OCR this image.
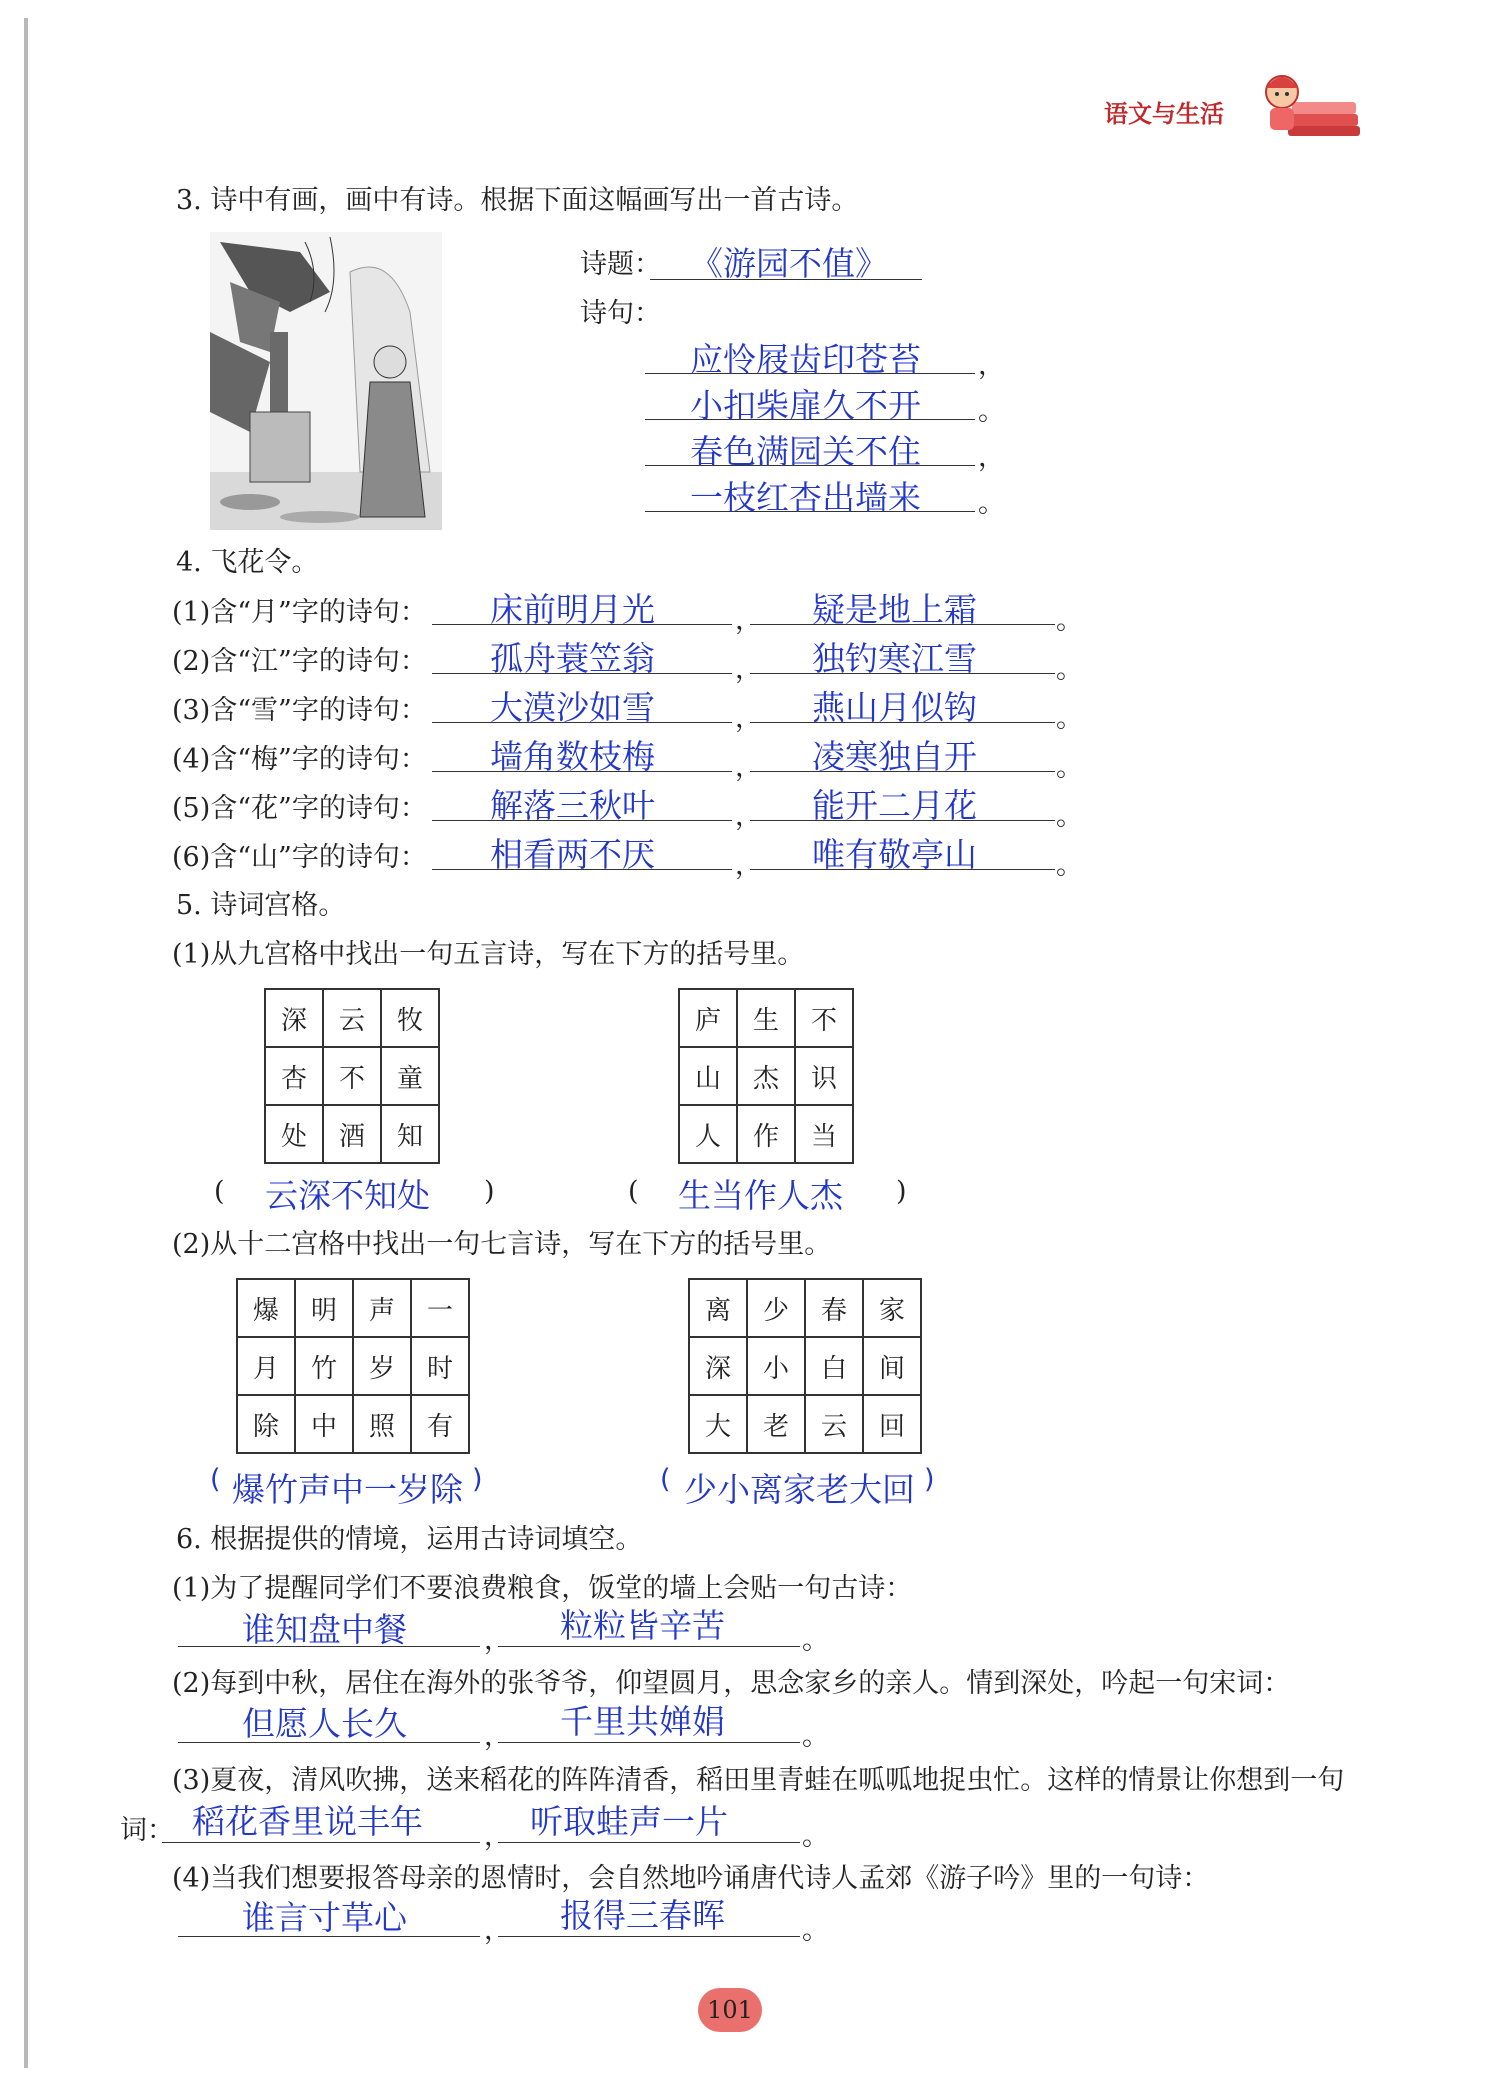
语文与生活
3. 诗中有画，画中有诗。根据下面这幅画写出一首古诗。
诗题： 《游园不值》
诗句：
应怜屐齿印苍苔 ，
小扣柴扉久不开 。
春色满园关不住 ，
一枝红杏出墙来 。
4. 飞花令。
(1)含“月”字的诗句： 床前明月光	， 疑是地上霜	。
(2)含“江”字的诗句： 孤舟蓑笠翁	， 独钓寒江雪	。
(3)含“雪”字的诗句： 大漠沙如雪	， 燕山月似钩	。
(4)含“梅”字的诗句： 墙角数枝梅	， 凌寒独自开	。
(5)含“花”字的诗句： 解落三秋叶	， 能开二月花	。
(6)含“山”字的诗句： 相看两不厌	， 唯有敬亭山	。
5. 诗词宫格。
(1)从九宫格中找出一句五言诗，写在下方的括号里。
深	云	牧
杏	不	童
处	酒	知
庐	生	不
山	杰	识
人	作	当
( 云深不知处 )	( 生当作人杰 )
(2)从十二宫格中找出一句七言诗，写在下方的括号里。
爆	明	声	一
月	竹	岁	时
除	中	照	有
离	少	春	家
深	小	白	间
大	老	云	回
( 爆竹声中一岁除 )	( 少小离家老大回 )
6. 根据提供的情境，运用古诗词填空。
(1)为了提醒同学们不要浪费粮食，饭堂的墙上会贴一句古诗：
谁知盘中餐	， 粒粒皆辛苦	。
(2)每到中秋，居住在海外的张爷爷，仰望圆月，思念家乡的亲人。情到深处，吟起一句宋词：
但愿人长久	， 千里共婵娟	。
(3)夏夜，清风吹拂，送来稻花的阵阵清香，稻田里青蛙在呱呱地捉虫忙。这样的情景让你想到一句
词： 稻花香里说丰年 ， 听取蛙声一片	。
(4)当我们想要报答母亲的恩情时，会自然地吟诵唐代诗人孟郊《游子吟》里的一句诗：
谁言寸草心	， 报得三春晖	。
101
